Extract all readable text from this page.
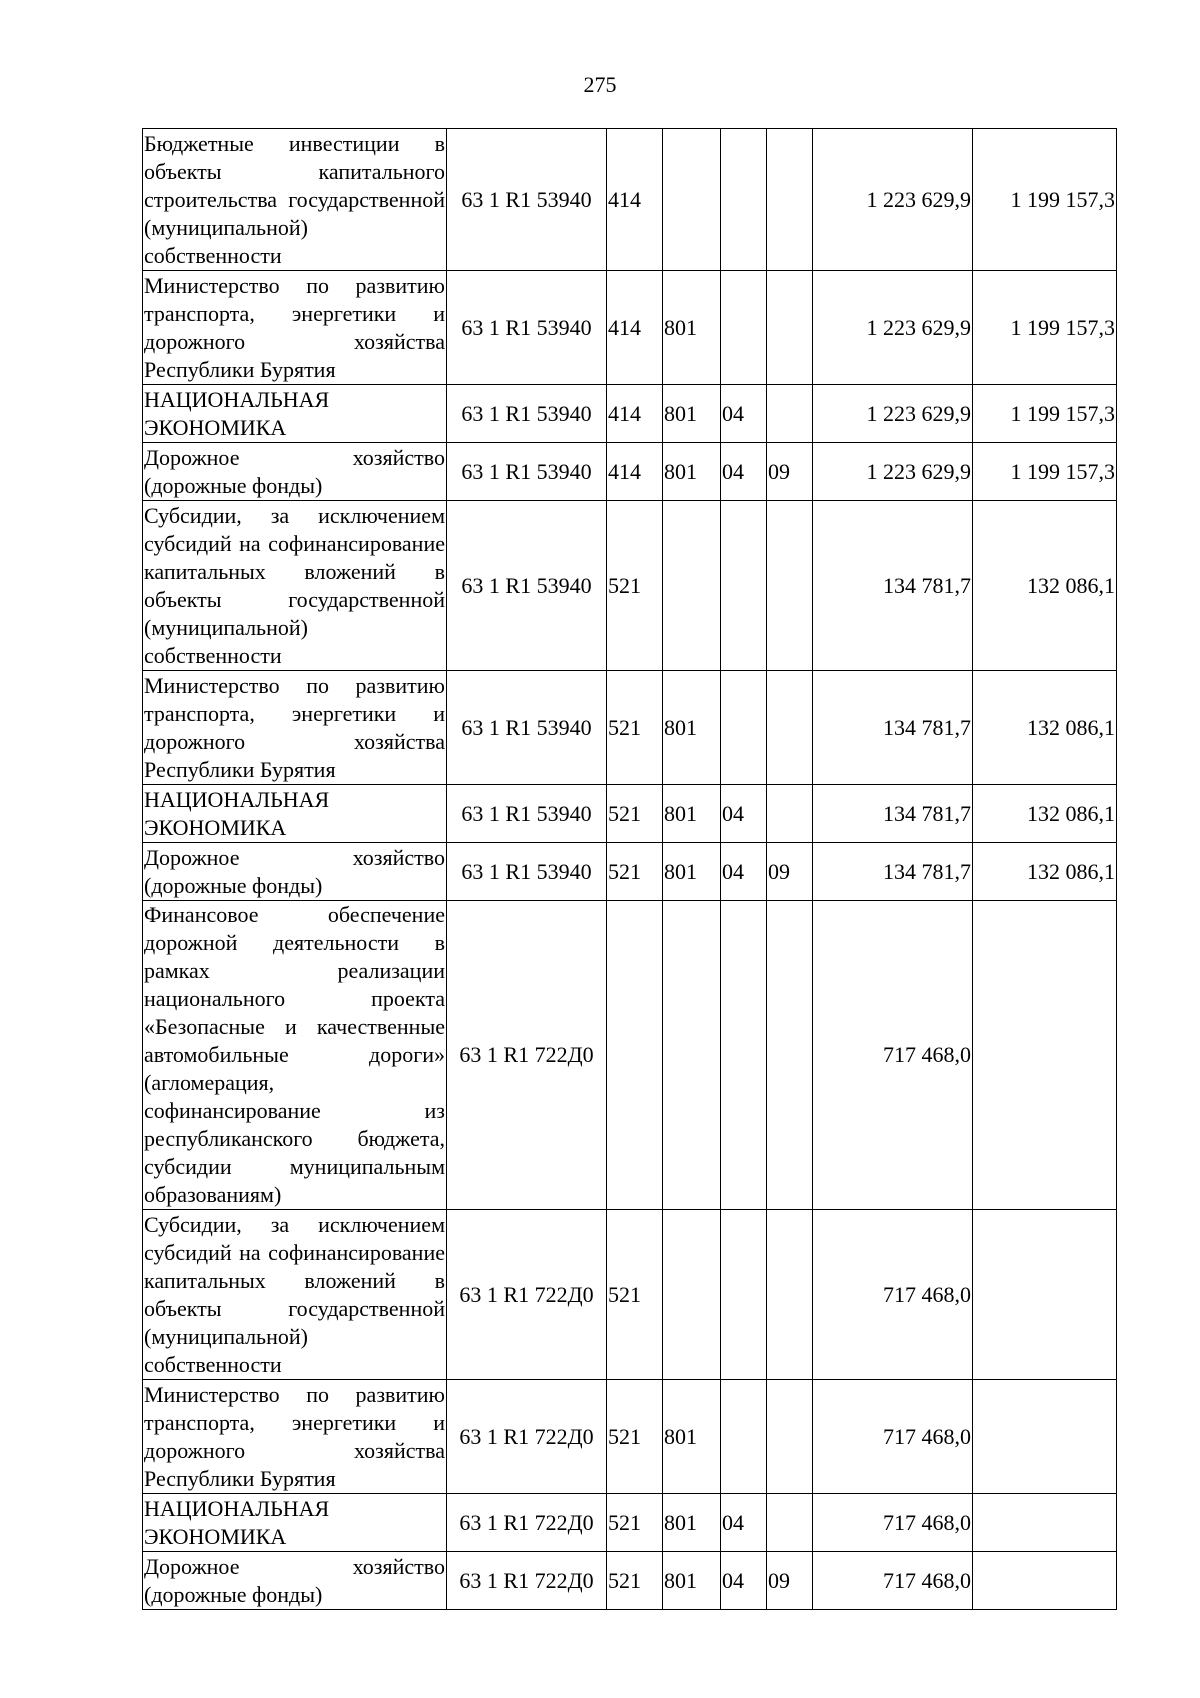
275
Бюджетные инвестиции в объекты капитального строительства государственной (муниципальной) собственности	63 1 R1 53940	414				1 223 629,9	1 199 157,3
Министерство по развитию транспорта, энергетики и дорожного хозяйства Республики Бурятия	63 1 R1 53940	414	801			1 223 629,9	1 199 157,3
НАЦИОНАЛЬНАЯ ЭКОНОМИКА	63 1 R1 53940	414	801	04		1 223 629,9	1 199 157,3
Дорожное хозяйство (дорожные фонды)	63 1 R1 53940	414	801	04	09	1 223 629,9	1 199 157,3
Субсидии, за исключением субсидий на софинансирование капитальных вложений в объекты государственной (муниципальной) собственности	63 1 R1 53940	521				134 781,7	132 086,1
Министерство по развитию транспорта, энергетики и дорожного хозяйства Республики Бурятия	63 1 R1 53940	521	801			134 781,7	132 086,1
НАЦИОНАЛЬНАЯ ЭКОНОМИКА	63 1 R1 53940	521	801	04		134 781,7	132 086,1
Дорожное хозяйство (дорожные фонды)	63 1 R1 53940	521	801	04	09	134 781,7	132 086,1
Финансовое обеспечение дорожной деятельности в рамках реализации национального проекта «Безопасные и качественные автомобильные дороги» (агломерация, софинансирование из республиканского бюджета, субсидии муниципальным образованиям)	63 1 R1 722Д0					717 468,0	
Субсидии, за исключением субсидий на софинансирование капитальных вложений в объекты государственной (муниципальной) собственности	63 1 R1 722Д0	521				717 468,0	
Министерство по развитию транспорта, энергетики и дорожного хозяйства Республики Бурятия	63 1 R1 722Д0	521	801			717 468,0	
НАЦИОНАЛЬНАЯ ЭКОНОМИКА	63 1 R1 722Д0	521	801	04		717 468,0	
Дорожное хозяйство (дорожные фонды)	63 1 R1 722Д0	521	801	04	09	717 468,0	
